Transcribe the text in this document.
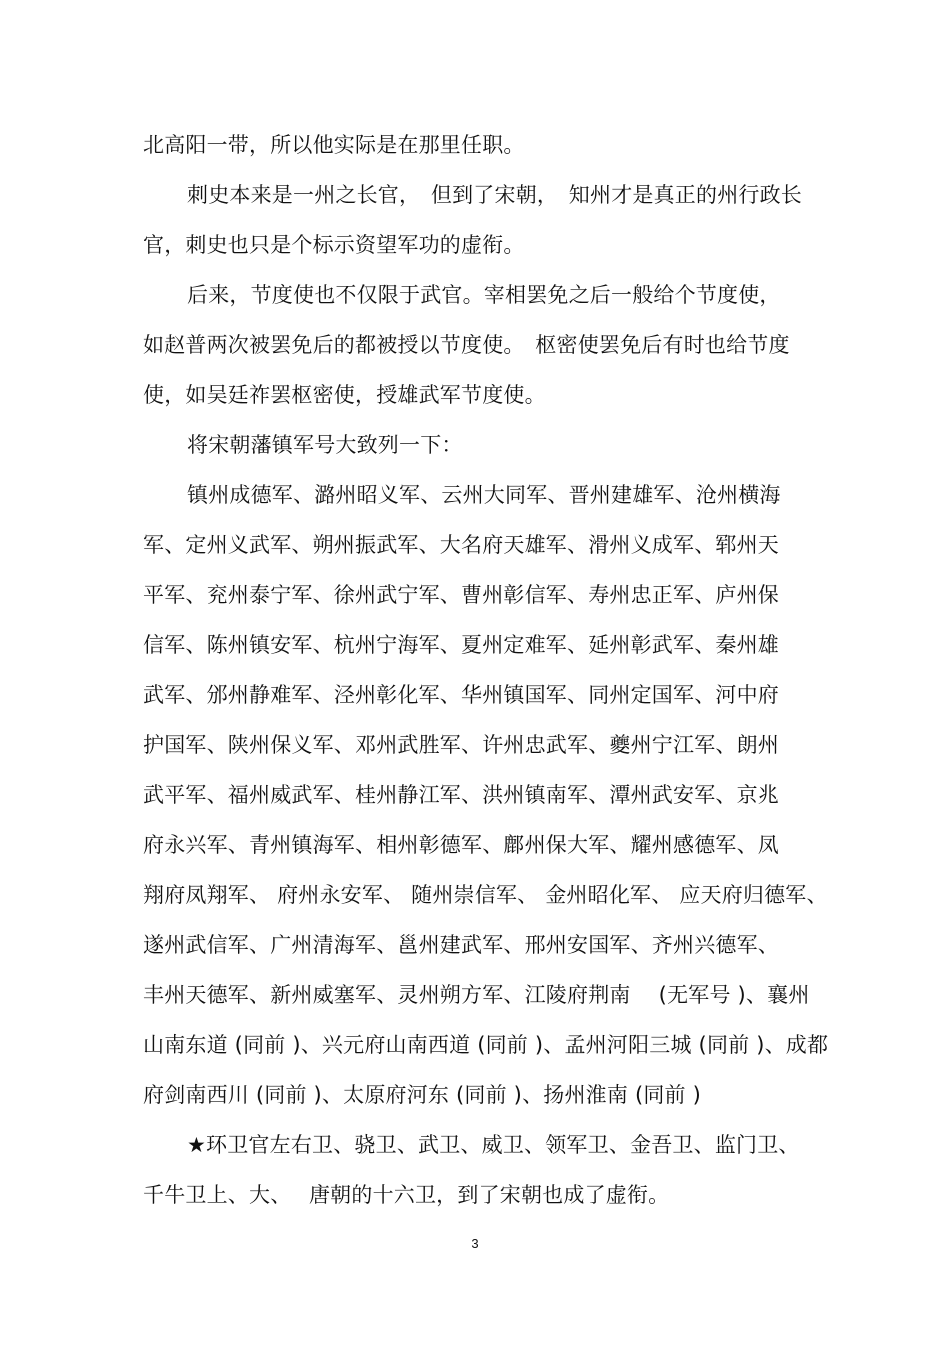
北高阳一带，所以他实际是在那里任职。
刺史本来是一州之长官，　但到了宋朝，　知州才是真正的州行政长
官，刺史也只是个标示资望军功的虚衔。
后来，节度使也不仅限于武官。宰相罢免之后一般给个节度使，
如赵普两次被罢免后的都被授以节度使。　枢密使罢免后有时也给节度
使，如吴廷祚罢枢密使，授雄武军节度使。
将宋朝藩镇军号大致列一下：
镇州成德军、潞州昭义军、云州大同军、晋州建雄军、沧州横海
军、定州义武军、朔州振武军、大名府天雄军、滑州义成军、郓州天
平军、兖州泰宁军、徐州武宁军、曹州彰信军、寿州忠正军、庐州保
信军、陈州镇安军、杭州宁海军、夏州定难军、延州彰武军、秦州雄
武军、邠州静难军、泾州彰化军、华州镇国军、同州定国军、河中府
护国军、陕州保义军、邓州武胜军、许州忠武军、夔州宁江军、朗州
武平军、福州威武军、桂州静江军、洪州镇南军、潭州武安军、京兆
府永兴军、青州镇海军、相州彰德军、鄜州保大军、耀州感德军、凤
翔府凤翔军、 府州永安军、 随州崇信军、 金州昭化军、 应天府归德军、
遂州武信军、广州清海军、邕州建武军、邢州安国军、齐州兴德军、
丰州天德军、新州威塞军、灵州朔方军、江陵府荆南　 (无军号 )、襄州
山南东道 (同前 )、兴元府山南西道 (同前 )、孟州河阳三城 (同前 )、成都
府剑南西川 (同前 )、太原府河东 (同前 )、扬州淮南 (同前 )
★环卫官左右卫、骁卫、武卫、威卫、领军卫、金吾卫、监门卫、
千牛卫上、大、　 唐朝的十六卫，到了宋朝也成了虚衔。
3
